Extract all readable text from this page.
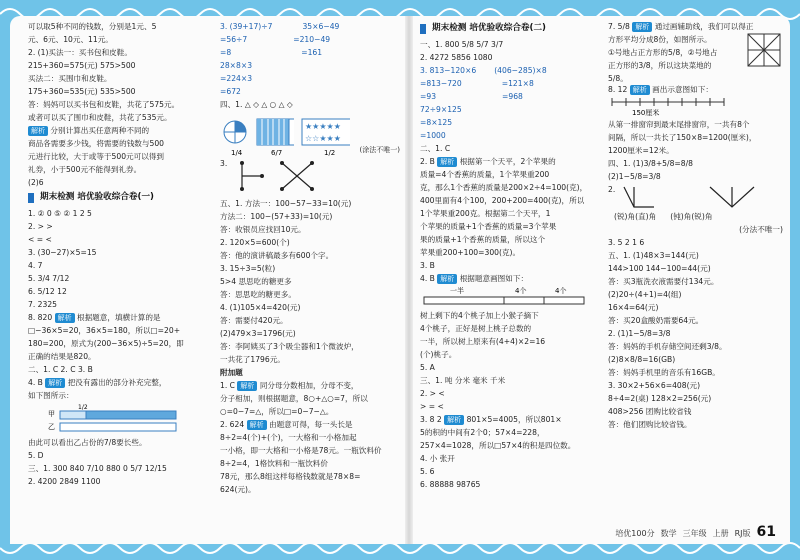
可以取5种不同的钱数，分别是1元、5
元、6元、10元、11元。
2. (1)买法一：买书包和皮鞋。
215+360=575(元) 575>500
买法二：买围巾和皮鞋。
175+360=535(元) 535>500
答：妈妈可以买书包和皮鞋，共花了575元。
或者可以买了围巾和皮鞋，共花了535元。
解析 分别计算出买任意两种不同的
商品各需要多少钱，将需要的钱数与500
元进行比较，大于或等于500元可以得到
礼券，小于500元不能得到礼券。
(2)6
期末检测 培优验收综合卷(一)
1. ② 0 ⑤ ② 1 2 5
2. > >
< = <
3. (30−27)×5=15
4. 7
5. 3/4 7/12
6. 5/12 12
7. 2325
8. 820 解析 根据题意，填横计算的是
□−36×5=20，36×5=180，所以□=20+
180=200，原式为(200−36×5)÷5=20，即
正确的结果是820。
二、1. C 2. C 3. B
4. B 解析 把没有露出的部分补充完整，
如下图所示：
甲
乙
1/2
由此可以看出乙占份的7/8要长些。
5. D
三、1. 300 840 7/10 880 0 5/7 12/15
2. 4200 2849 1100
3. (39+17)÷7	35×6−49
=56÷7	=210−49
=8	=161
28×8×3
=224×3
=672
四、1. △ ◇ △ ○ △ ◇
1/4	6/7
★★★★★
☆☆★★★
1/2	(涂法不唯一)
3.
五、1. 方法一：100−57−33=10(元)
方法二：100−(57+33)=10(元)
答：收银员应找回10元。
2. 120×5=600(个)
答：他的演讲稿最多有600个字。
3. 15÷3=5(粒)
5>4 思思吃的糖更多
答：思思吃的糖更多。
4. (1)105×4=420(元)
答：需要付420元。
(2)479×3=1796(元)
答：李阿姨买了3个吸尘器和1个微波炉，
一共花了1796元。
附加题
1. C 解析 同分母分数相加，分母不变，
分子相加，则根据题意，8○+△○=7，所以
○=0−7=△，所以□=0−7−△。
2. 624 解析 由题意可得，每一头长是
8÷2=4(个)+(个)，一大格和一小格加起
一小格，即一大格和一小格是78元。一瓶饮料价
8÷2=4，1格饮料和一瓶饮料价
78元，那么8组这样每格钱数就是78×8=
624(元)。
期末检测 培优验收综合卷(二)
一、1. 800 5/8 5/7 3/7
2. 4272 5856 1080
3. 813−120×6 (406−285)×8
=813−720	=121×8
=93	=968
72÷9×125
=8×125
=1000
二、1. C
2. B 解析 根据第一个天平，2个苹果的
质量=4个香蕉的质量，1个苹果重200
克，那么1个香蕉的质量是200×2÷4=100(克)，
400里面有4个100，200+200=400(克)，所以
1个苹果重200克。根据第二个天平，1
个苹果的质量+1个香蕉的质量=3个苹果
果的质量+1个香蕉的质量，所以这个
苹果重200+100=300(克)。
3. B
4. B 解析 根据题意画图如下：
一半	4个	4个
树上剩下的4个桃子加上小猴子摘下
4个桃子，正好是树上桃子总数的
一半，所以树上原来有(4+4)×2=16
(个)桃子。
5. A
三、1. 吨 分米 毫米 千米
2. > <
> = <
3. 8 2 解析 801×5=4005，所以801×
5的积的中间有2个0；57×4=228，
257×4=1028，所以□57×4的积是四位数。
4. 小 张开
5. 6
6. 88888 98765
7. 5/8 解析 通过画辅助线，我们可以得正
方形平均分成8份，如图所示。
①号地占正方形的5/8，②号地占
正方形的3/8，所以这块菜地的5/8。
8. 12 解析 画出示意图如下：
150厘米
从第一排窗帘到最末尾排窗帘，一共有8个
间隔，所以一共长了150×8=1200(厘米)，
1200厘米=12米。
四、1. (1)3/8+5/8=8/8
(2)1−5/8=3/8
2.
(锐)角(直)角 (钝)角(锐)角
(分法不唯一)
3. 5 2 1 6
五、1. (1)48×3=144(元)
144>100 144−100=44(元)
答：买3瓶洗衣液需要付134元。
(2)20÷(4+1)=4(组)
16×4=64(元)
答：买20盒酸奶需要64元。
2. (1)1−5/8=3/8
答：妈妈的手机存储空间还剩3/8。
(2)8×8/8=16(GB)
答：妈妈手机里的音乐有16GB。
3. 30×2+56×6=408(元)
8÷4=2(桌) 128×2=256(元)
408>256 团购比较省钱
答：他们团购比较省钱。
培优100分 数学 三年级 上册 RJ版 61
